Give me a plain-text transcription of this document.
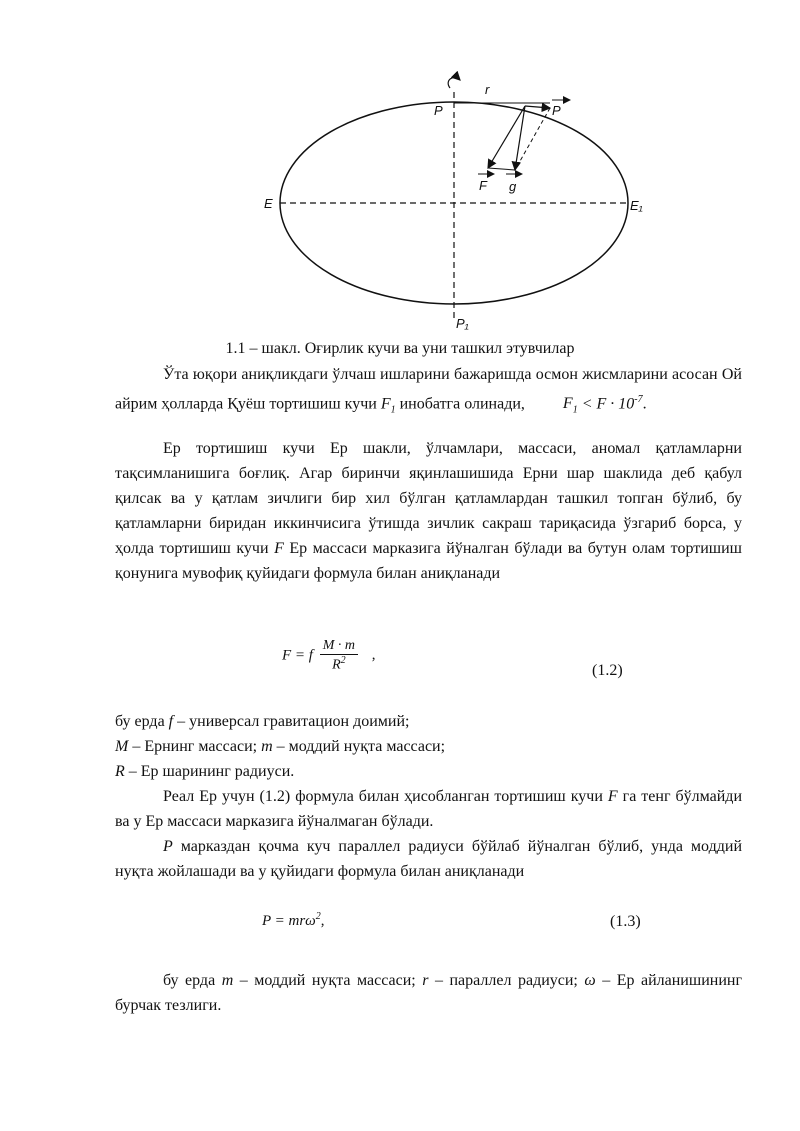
P	P
r
E	E₁
F g
P₁
1.1 – шакл. Оғирлик кучи ва уни ташкил этувчилар
Ўта юқори аниқликдаги ўлчаш ишларини бажаришда осмон жисмларини асосан Ой айрим ҳолларда Қуёш тортишиш кучи $F_1$ инобатга олинади, $F_1 < F \cdot 10^{-7}$.
Ер тортишиш кучи Ер шакли, ўлчамлари, массаси, аномал қатламларни тақсимланишига боғлиқ. Агар биринчи яқинлашишида Ерни шар шаклида деб қабул қилсак ва у қатлам зичлиги бир хил бўлган қатламлардан ташкил топган бўлиб, бу қатламларни биридан иккинчисига ўтишда зичлик сакраш тариқасида ўзгариб борса, у ҳолда тортишиш кучи F Ер массаси марказига йўналган бўлади ва бутун олам тортишиш қонунига мувофиқ қуйидаги формула билан аниқланади
F = f $\frac{M \cdot m}{R^2}$ ,
(1.2)
бу ерда f – универсал гравитацион доимий;
M – Ернинг массаси; m – моддий нуқта массаси;
R – Ер шарининг радиуси.
Реал Ер учун (1.2) формула билан ҳисобланган тортишиш кучи F га тенг бўлмайди ва у Ер массаси марказига йўналмаган бўлади.
P марказдан қочма куч параллел радиуси бўйлаб йўналган бўлиб, унда моддий нуқта жойлашади ва у қуйидаги формула билан аниқланади
P = mrω$^2$,	(1.3)
бу ерда m – моддий нуқта массаси; r – параллел радиуси; ω – Ер айланишининг бурчак тезлиги.
